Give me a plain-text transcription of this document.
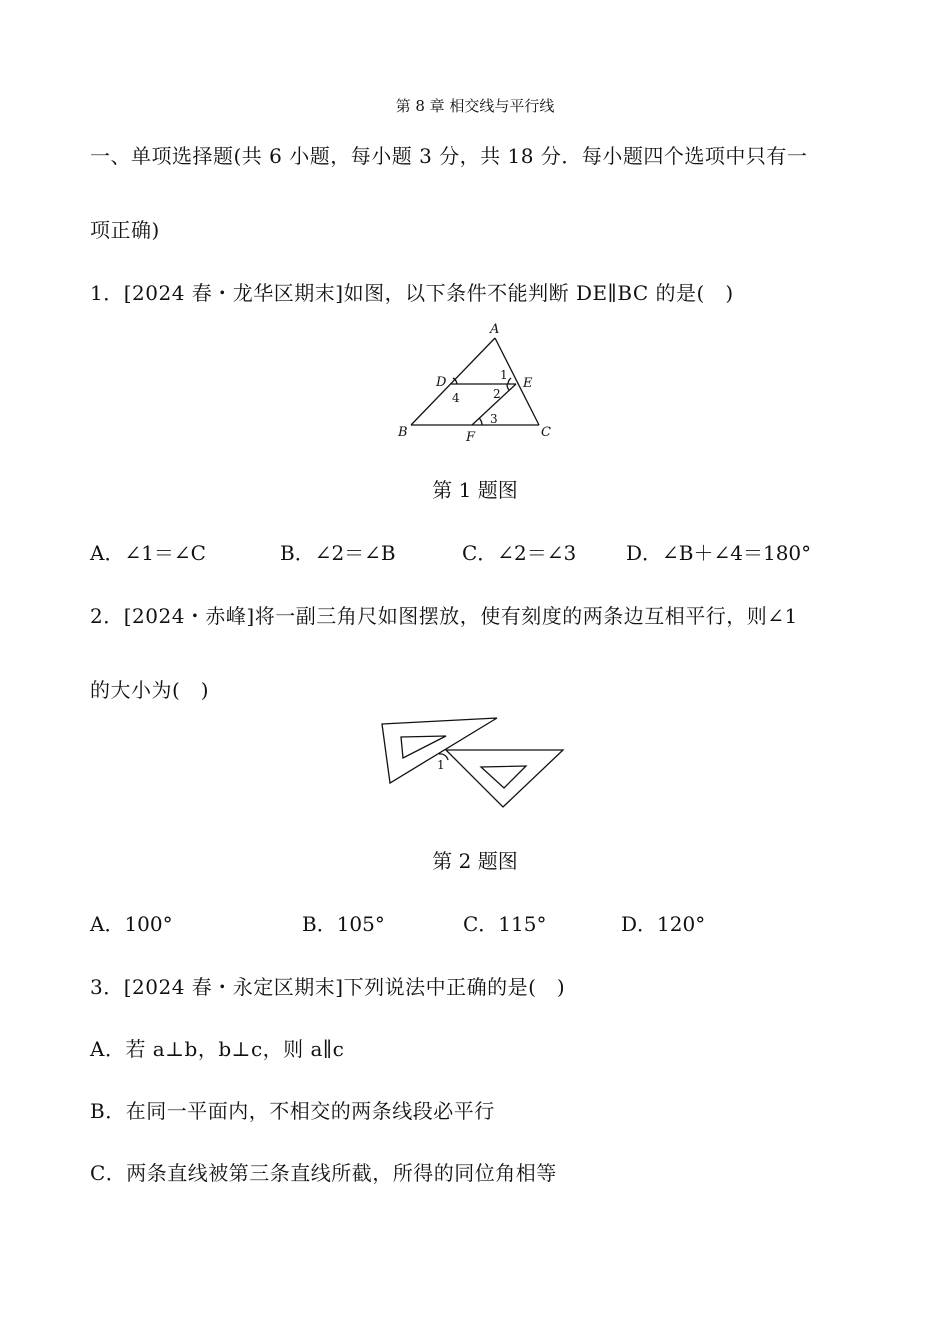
第 8 章 相交线与平行线
一、单项选择题(共 6 小题，每小题 3 分，共 18 分．每小题四个选项中只有一
项正确)
1．[2024 春・龙华区期末]如图，以下条件不能判断 DE∥BC 的是(　)
A
D	E
B	F	C
1
2
3
4
第 1 题图
A．∠1＝∠C	B．∠2＝∠B	C．∠2＝∠3 D．∠B＋∠4＝180°
2．[2024・赤峰]将一副三角尺如图摆放，使有刻度的两条边互相平行，则∠1
的大小为(　)
1
第 2 题图
A．100°	B．105°	C．115°	D．120°
3．[2024 春・永定区期末]下列说法中正确的是(　)
A．若 a⊥b，b⊥c，则 a∥c
B．在同一平面内，不相交的两条线段必平行
C．两条直线被第三条直线所截，所得的同位角相等
